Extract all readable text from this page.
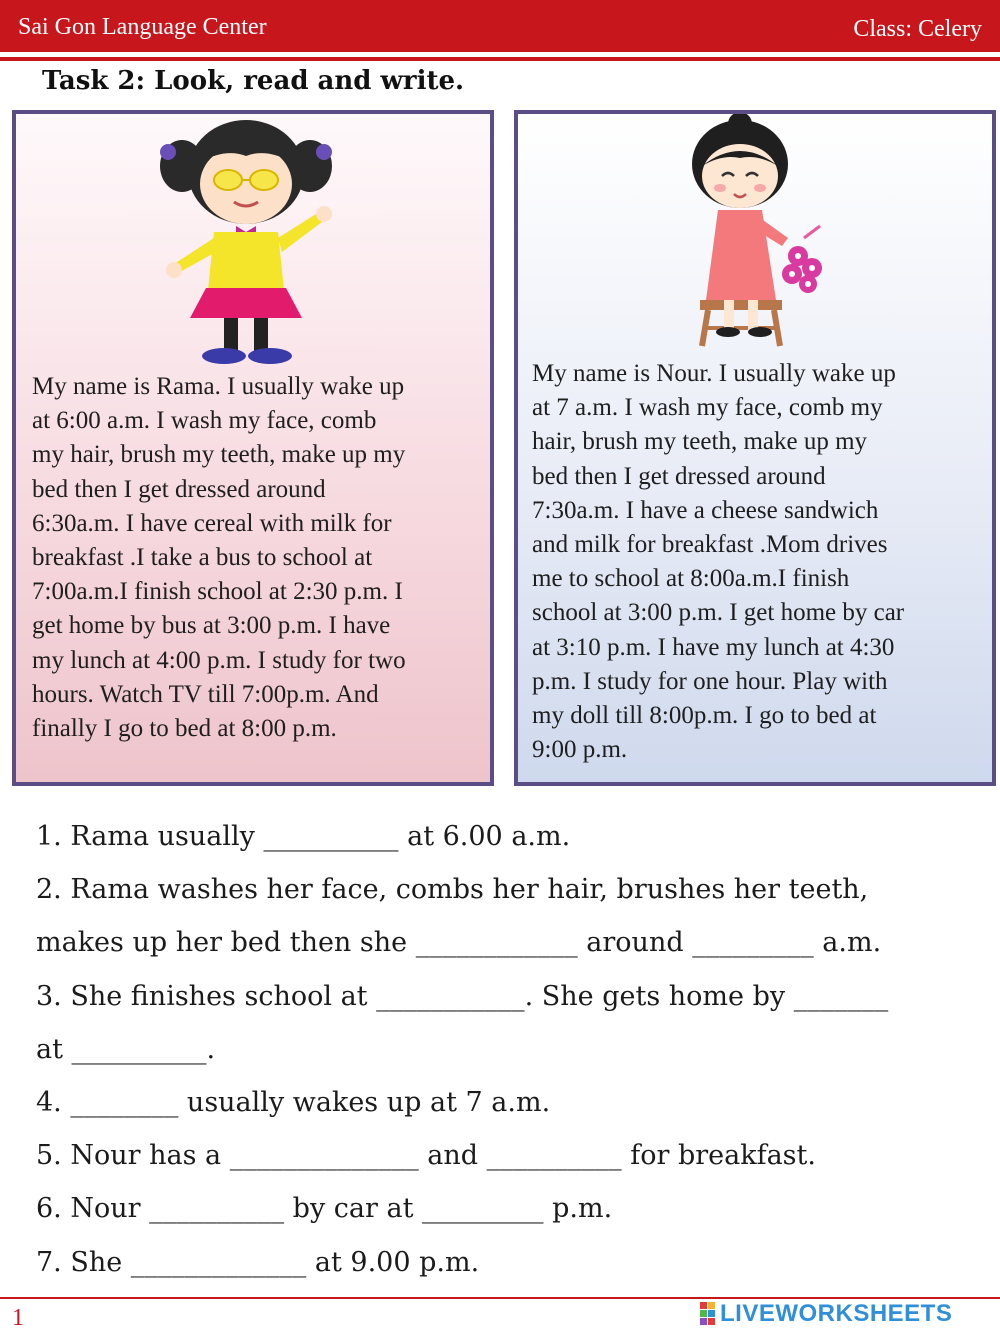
Sai Gon Language Center	Class: Celery
Task 2: Look, read and write.
My name is Rama. I usually wake up
at 6:00 a.m. I wash my face, comb
my hair, brush my teeth, make up my
bed then I get dressed around
6:30a.m. I have cereal with milk for
breakfast .I take a bus to school at
7:00a.m.I finish school at 2:30 p.m. I
get home by bus at 3:00 p.m. I have
my lunch at 4:00 p.m. I study for two
hours. Watch TV till 7:00p.m. And
finally I go to bed at 8:00 p.m.
My name is Nour. I usually wake up
at 7 a.m. I wash my face, comb my
hair, brush my teeth, make up my
bed then I get dressed around
7:30a.m. I have a cheese sandwich
and milk for breakfast .Mom drives
me to school at 8:00a.m.I finish
school at 3:00 p.m. I get home by car
at 3:10 p.m. I have my lunch at 4:30
p.m. I study for one hour. Play with
my doll till 8:00p.m. I go to bed at
9:00 p.m.
1. Rama usually __________ at 6.00 a.m.
2. Rama washes her face, combs her hair, brushes her teeth,
makes up her bed then she ____________ around _________ a.m.
3. She finishes school at ___________. She gets home by _______
at __________.
4. ________ usually wakes up at 7 a.m.
5. Nour has a ______________ and __________ for breakfast.
6. Nour __________ by car at _________ p.m.
7. She _____________ at 9.00 p.m.
1	LIVEWORKSHEETS
